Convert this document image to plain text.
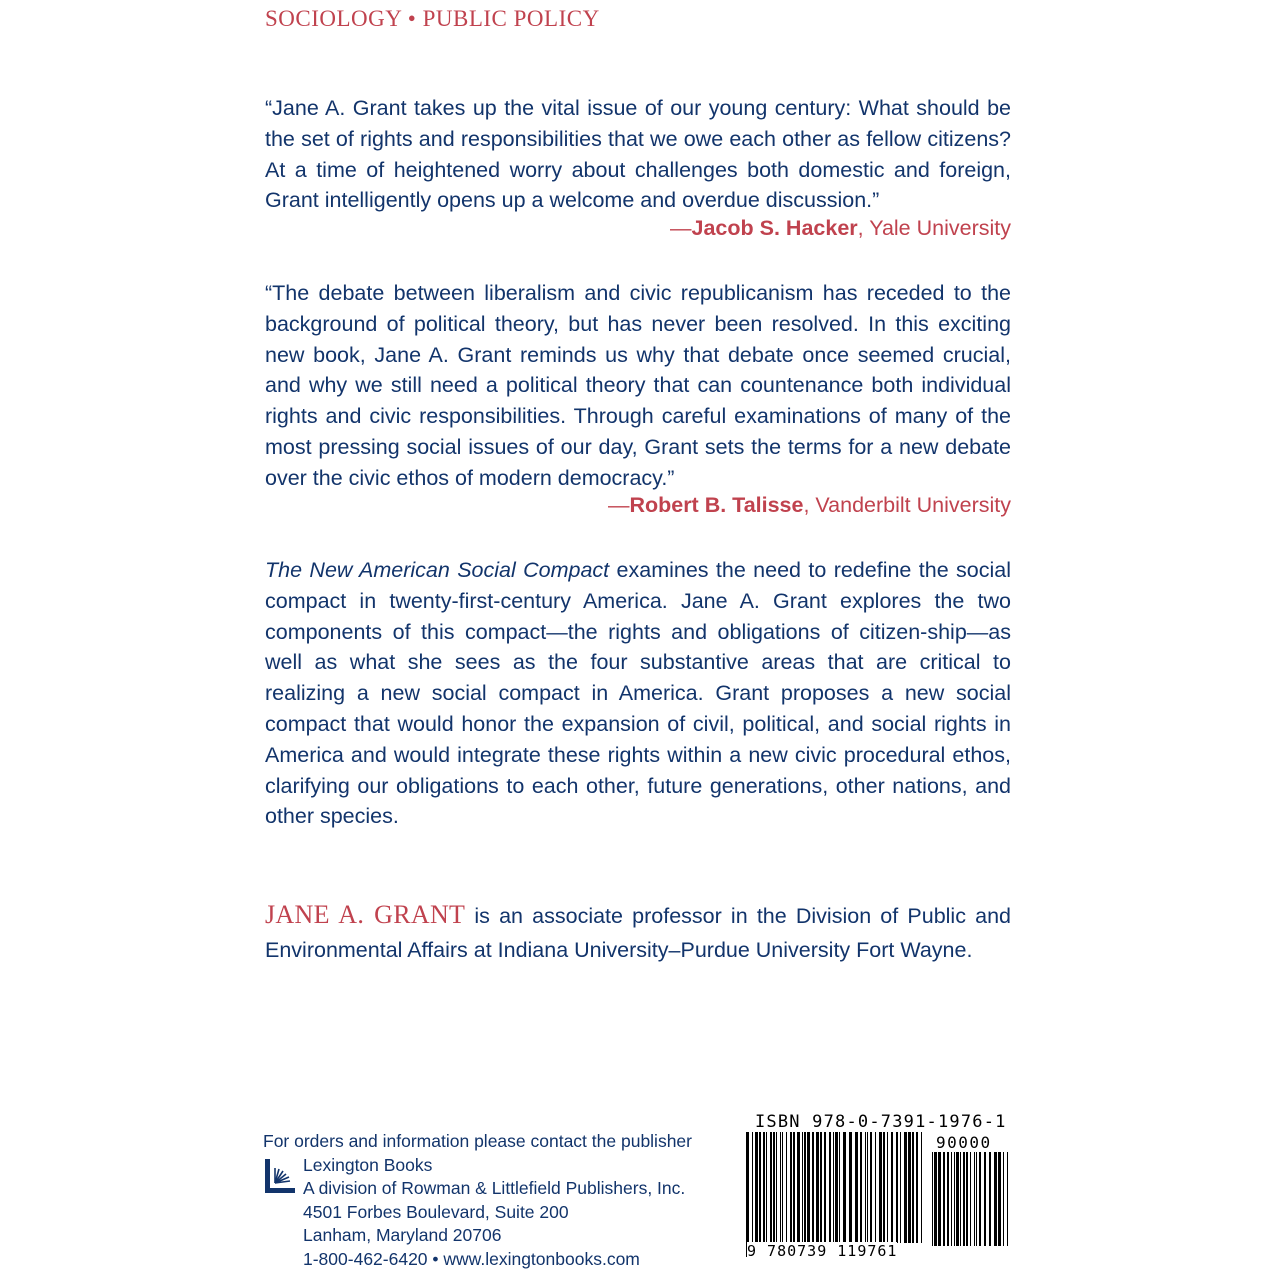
SOCIOLOGY • PUBLIC POLICY

“Jane A. Grant takes up the vital issue of our young century: What should be the set of rights and responsibilities that we owe each other as fellow citizens? At a time of heightened worry about challenges both domestic and foreign, Grant intelligently opens up a welcome and overdue discussion.”

—Jacob S. Hacker, Yale University

“The debate between liberalism and civic republicanism has receded to the background of political theory, but has never been resolved. In this exciting new book, Jane A. Grant reminds us why that debate once seemed crucial, and why we still need a political theory that can countenance both individual rights and civic responsibilities. Through careful examinations of many of the most pressing social issues of our day, Grant sets the terms for a new debate over the civic ethos of modern democracy.”

—Robert B. Talisse, Vanderbilt University

The New American Social Compact examines the need to redefine the social compact in twenty-first-century America. Jane A. Grant explores the two components of this compact—the rights and obligations of citizen-ship—as well as what she sees as the four substantive areas that are critical to realizing a new social compact in America. Grant proposes a new social compact that would honor the expansion of civil, political, and social rights in America and would integrate these rights within a new civic procedural ethos, clarifying our obligations to each other, future generations, other nations, and other species.

JANE A. GRANT is an associate professor in the Division of Public and Environmental Affairs at Indiana University–Purdue University Fort Wayne.

For orders and information please contact the publisher
Lexington Books
A division of Rowman & Littlefield Publishers, Inc.
4501 Forbes Boulevard, Suite 200
Lanham, Maryland 20706
1-800-462-6420 • www.lexingtonbooks.com
ISBN 978-0-7391-1976-1
90000
9 780739 119761
